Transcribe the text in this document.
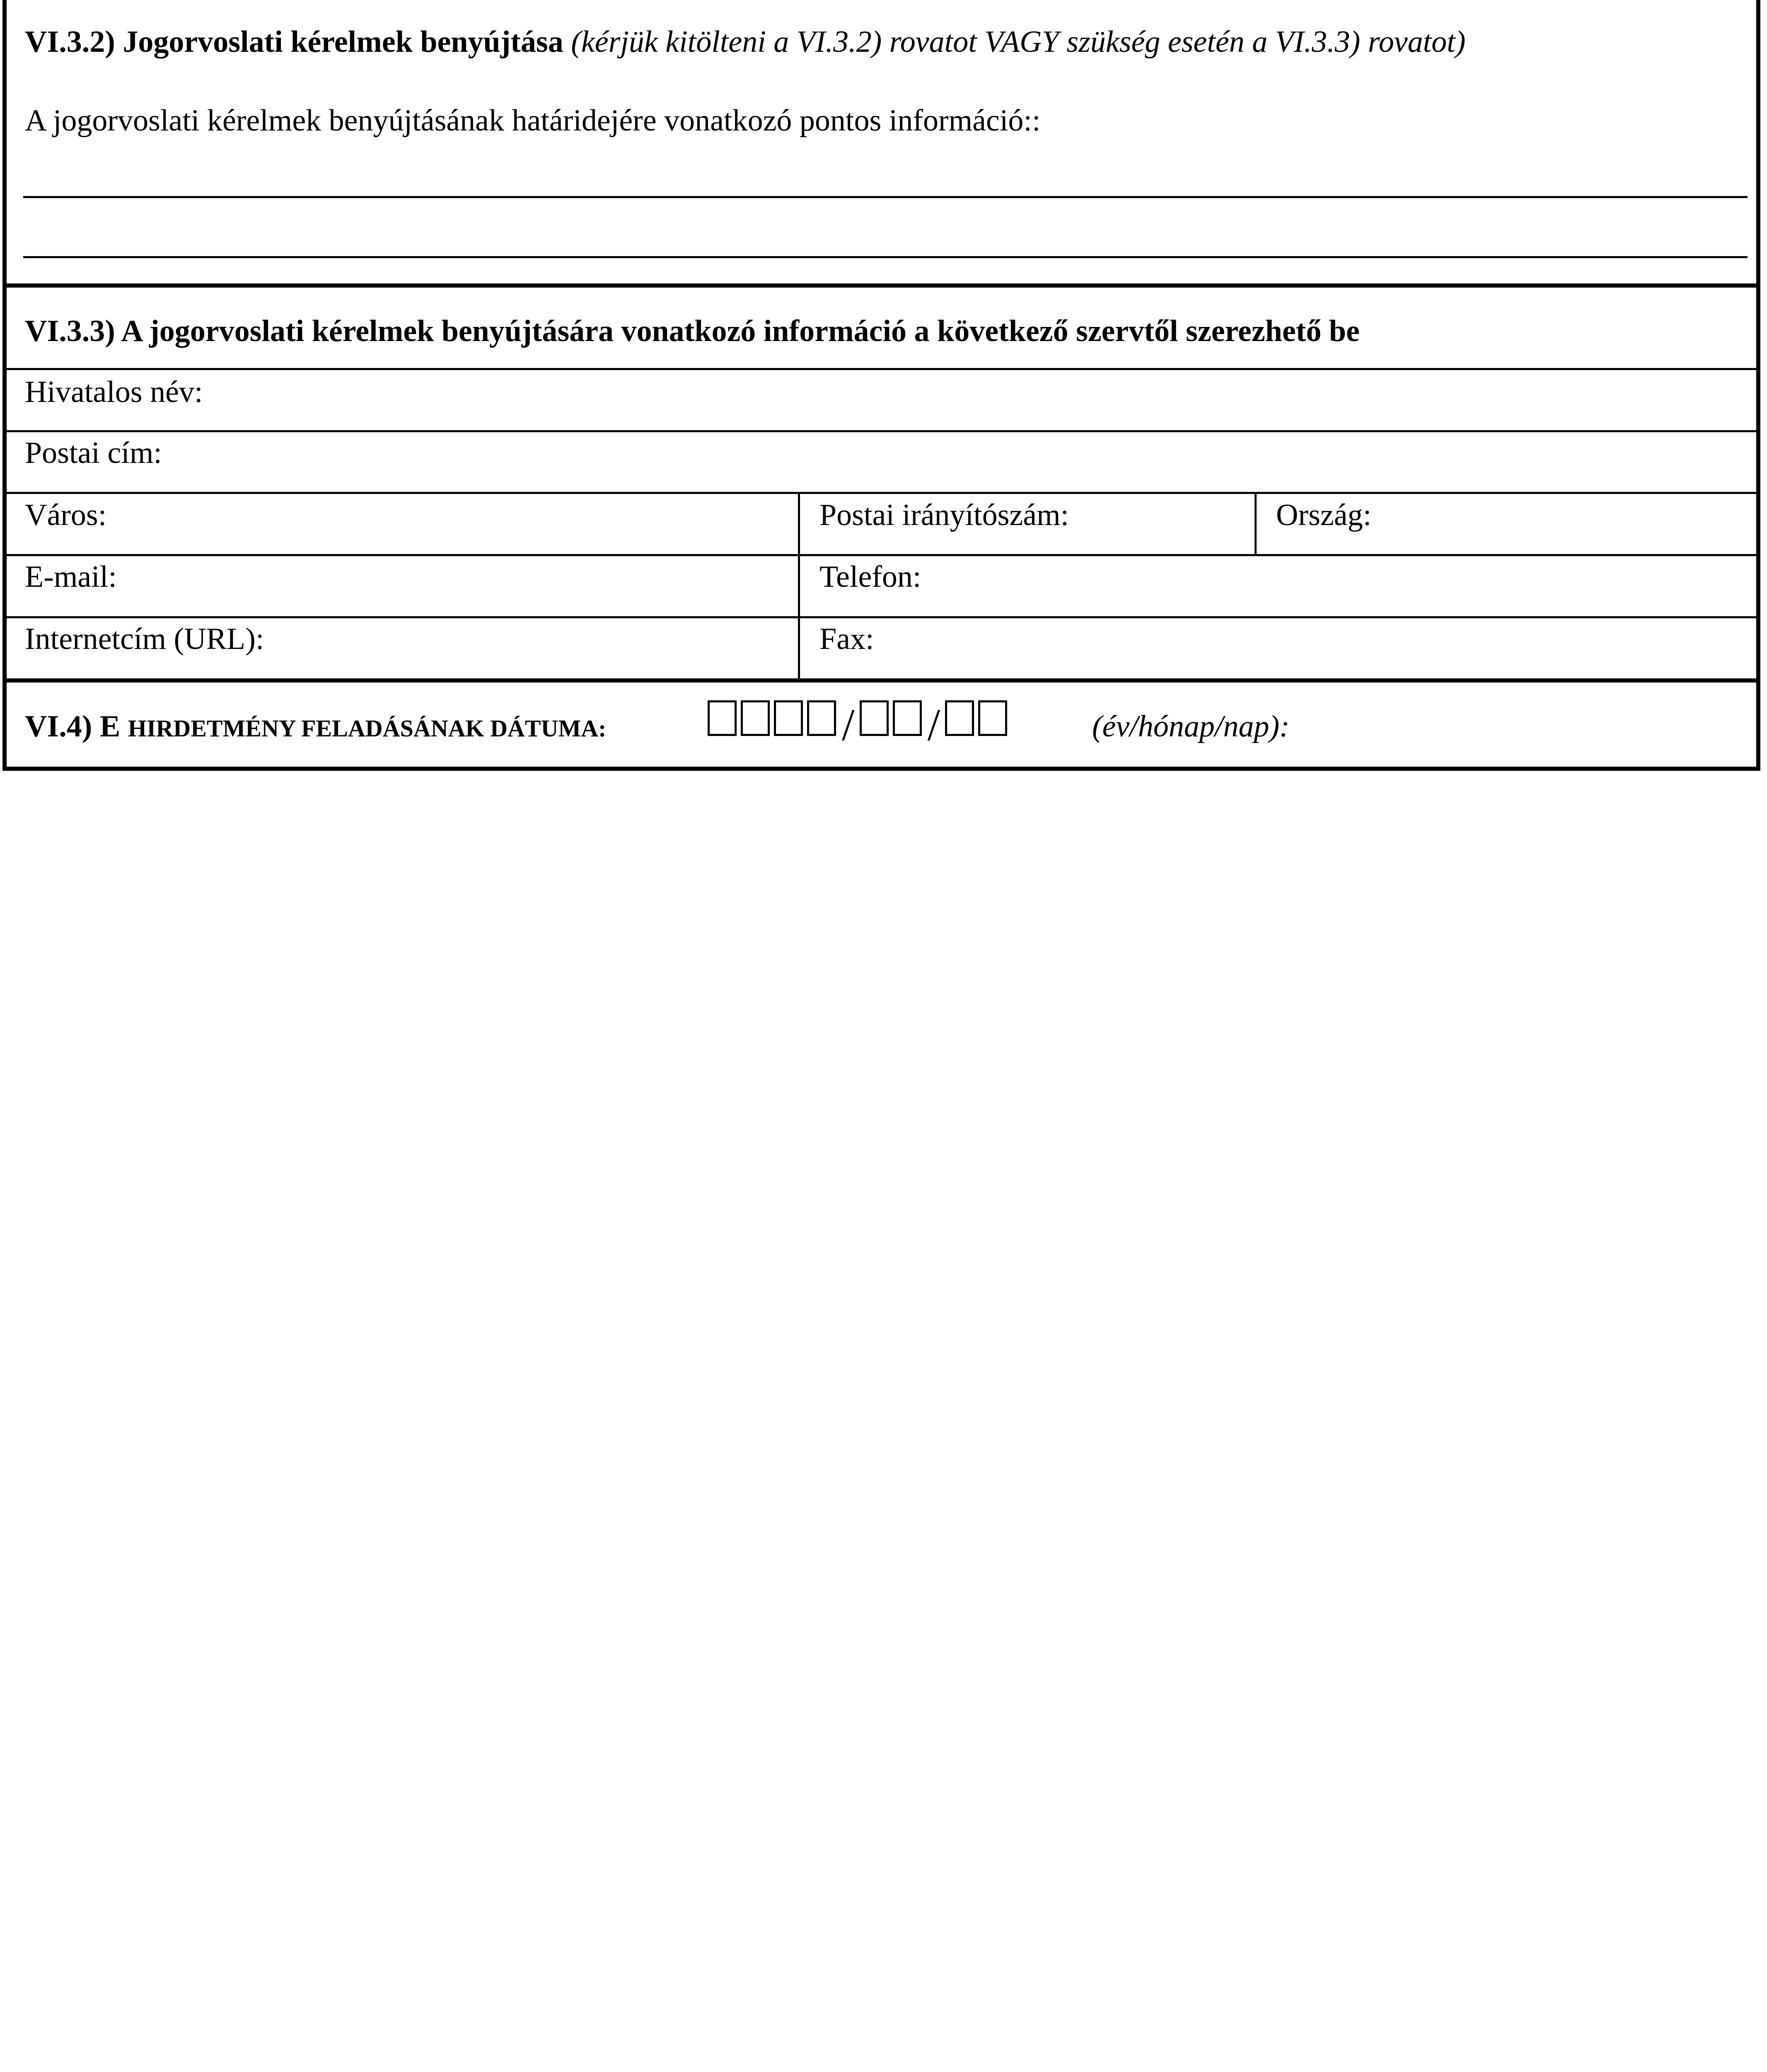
VI.3.2) Jogorvoslati kérelmek benyújtása (kérjük kitölteni a VI.3.2) rovatot VAGY szükség esetén a VI.3.3) rovatot)
A jogorvoslati kérelmek benyújtásának határidejére vonatkozó pontos információ::
VI.3.3) A jogorvoslati kérelmek benyújtására vonatkozó információ a következő szervtől szerezhető be
Hivatalos név:
Postai cím:
Város:	Postai irányítószám:	Ország:
E-mail:	Telefon:
Internetcím (URL):	Fax:
VI.4) E HIRDETMÉNY FELADÁSÁNAK DÁTUMA:	/ /	(év/hónap/nap):
